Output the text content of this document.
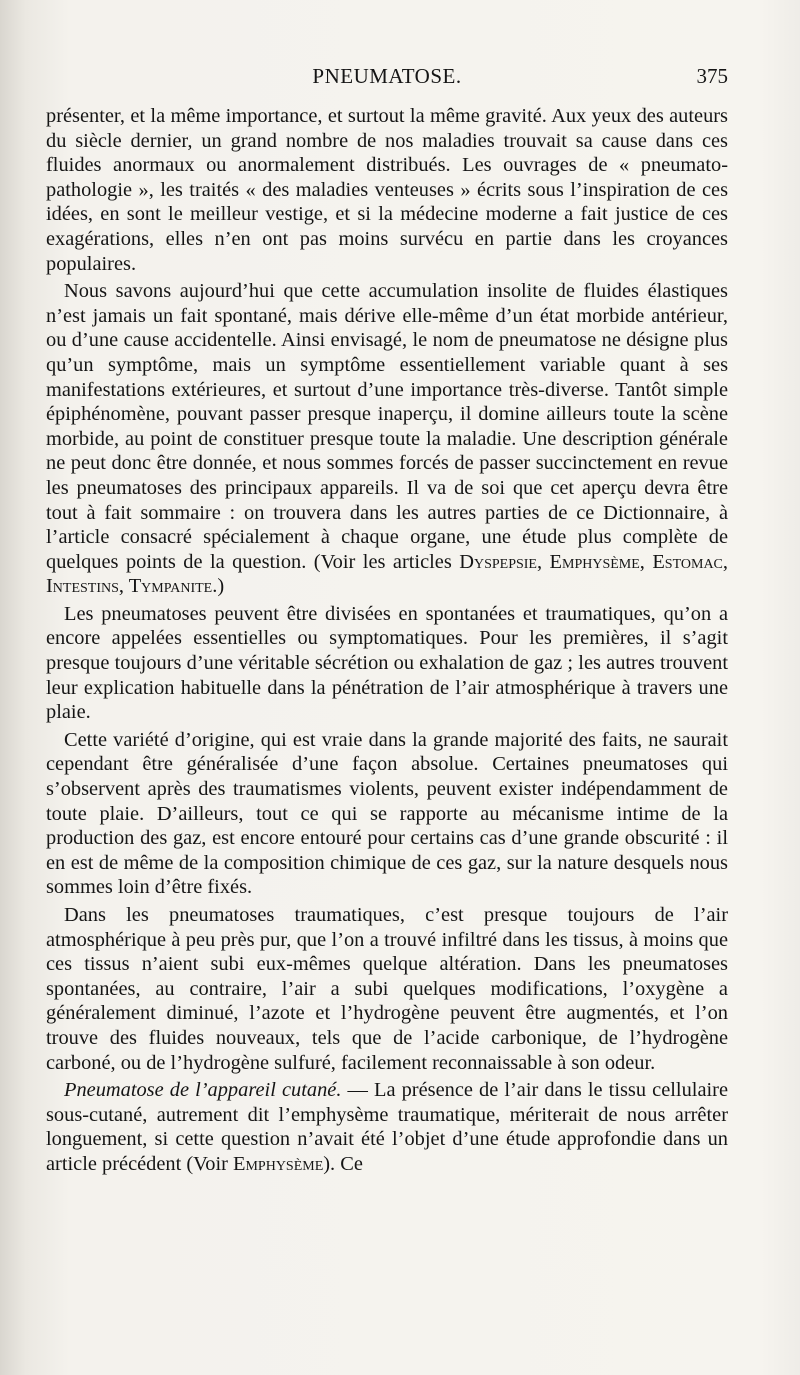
PNEUMATOSE.	375

présenter, et la même importance, et surtout la même gravité. Aux yeux des auteurs du siècle dernier, un grand nombre de nos maladies trouvait sa cause dans ces fluides anormaux ou anormalement distribués. Les ouvrages de « pneumato-pathologie », les traités « des maladies venteuses » écrits sous l’inspiration de ces idées, en sont le meilleur vestige, et si la médecine moderne a fait justice de ces exagérations, elles n’en ont pas moins survécu en partie dans les croyances populaires.

Nous savons aujourd’hui que cette accumulation insolite de fluides élastiques n’est jamais un fait spontané, mais dérive elle-même d’un état morbide antérieur, ou d’une cause accidentelle. Ainsi envisagé, le nom de pneumatose ne désigne plus qu’un symptôme, mais un symptôme essentiellement variable quant à ses manifestations extérieures, et surtout d’une importance très-diverse. Tantôt simple épiphénomène, pouvant passer presque inaperçu, il domine ailleurs toute la scène morbide, au point de constituer presque toute la maladie. Une description générale ne peut donc être donnée, et nous sommes forcés de passer succinctement en revue les pneumatoses des principaux appareils. Il va de soi que cet aperçu devra être tout à fait sommaire : on trouvera dans les autres parties de ce Dictionnaire, à l’article consacré spécialement à chaque organe, une étude plus complète de quelques points de la question. (Voir les articles Dyspepsie, Emphysème, Estomac, Intestins, Tympanite.)

Les pneumatoses peuvent être divisées en spontanées et traumatiques, qu’on a encore appelées essentielles ou symptomatiques. Pour les premières, il s’agit presque toujours d’une véritable sécrétion ou exhalation de gaz ; les autres trouvent leur explication habituelle dans la pénétration de l’air atmosphérique à travers une plaie.

Cette variété d’origine, qui est vraie dans la grande majorité des faits, ne saurait cependant être généralisée d’une façon absolue. Certaines pneumatoses qui s’observent après des traumatismes violents, peuvent exister indépendamment de toute plaie. D’ailleurs, tout ce qui se rapporte au mécanisme intime de la production des gaz, est encore entouré pour certains cas d’une grande obscurité : il en est de même de la composition chimique de ces gaz, sur la nature desquels nous sommes loin d’être fixés.

Dans les pneumatoses traumatiques, c’est presque toujours de l’air atmosphérique à peu près pur, que l’on a trouvé infiltré dans les tissus, à moins que ces tissus n’aient subi eux-mêmes quelque altération. Dans les pneumatoses spontanées, au contraire, l’air a subi quelques modifications, l’oxygène a généralement diminué, l’azote et l’hydrogène peuvent être augmentés, et l’on trouve des fluides nouveaux, tels que de l’acide carbonique, de l’hydrogène carboné, ou de l’hydrogène sulfuré, facilement reconnaissable à son odeur.

Pneumatose de l’appareil cutané. — La présence de l’air dans le tissu cellulaire sous-cutané, autrement dit l’emphysème traumatique, mériterait de nous arrêter longuement, si cette question n’avait été l’objet d’une étude approfondie dans un article précédent (Voir Emphysème). Ce
